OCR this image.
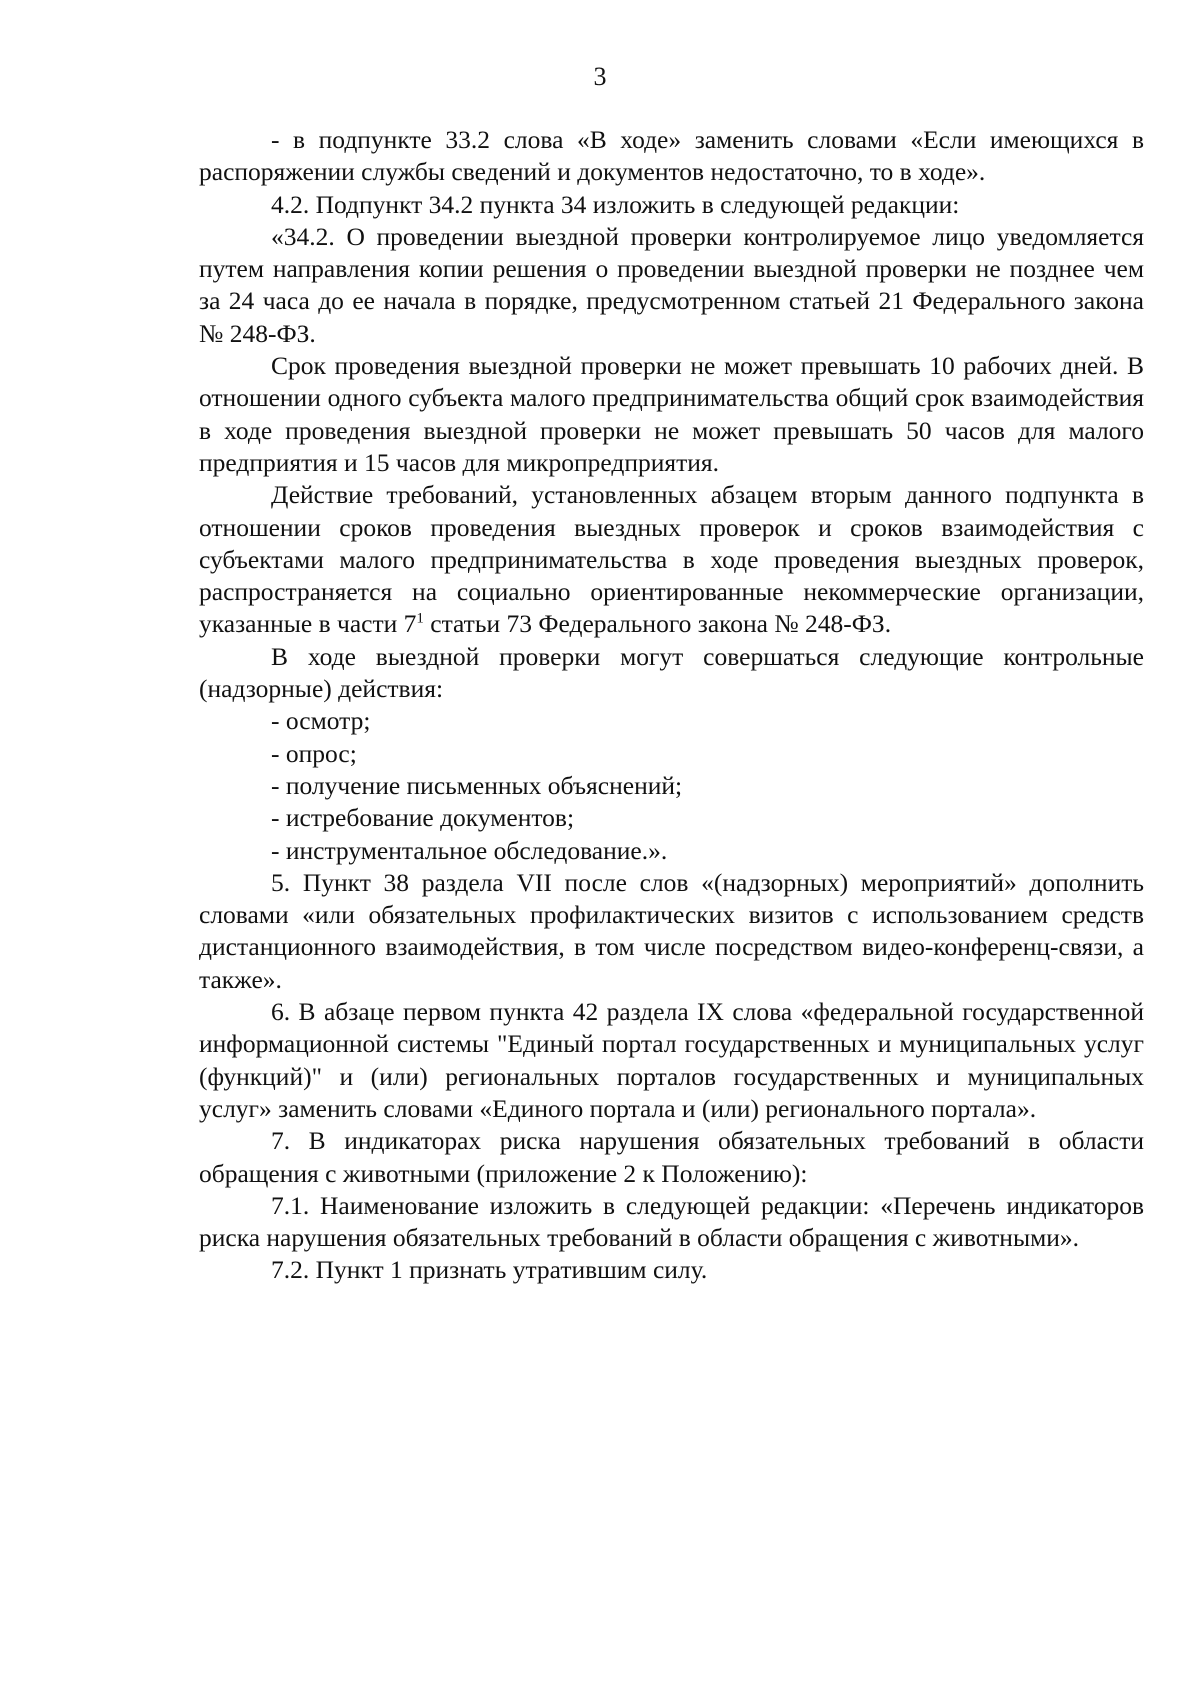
3

- в подпункте 33.2 слова «В ходе» заменить словами «Если имеющихся в распоряжении службы сведений и документов недостаточно, то в ходе».

4.2. Подпункт 34.2 пункта 34 изложить в следующей редакции:

«34.2. О проведении выездной проверки контролируемое лицо уведомляется путем направления копии решения о проведении выездной проверки не позднее чем за 24 часа до ее начала в порядке, предусмотренном статьей 21 Федерального закона № 248-ФЗ.

Срок проведения выездной проверки не может превышать 10 рабочих дней. В отношении одного субъекта малого предпринимательства общий срок взаимодействия в ходе проведения выездной проверки не может превышать 50 часов для малого предприятия и 15 часов для микропредприятия.

Действие требований, установленных абзацем вторым данного подпункта в отношении сроков проведения выездных проверок и сроков взаимодействия с субъектами малого предпринимательства в ходе проведения выездных проверок, распространяется на социально ориентированные некоммерческие организации, указанные в части $7^1$ статьи 73 Федерального закона № 248-ФЗ.

В ходе выездной проверки могут совершаться следующие контрольные (надзорные) действия:

- осмотр;

- опрос;

- получение письменных объяснений;

- истребование документов;

- инструментальное обследование.».

5. Пункт 38 раздела VII после слов «(надзорных) мероприятий» дополнить словами «или обязательных профилактических визитов с использованием средств дистанционного взаимодействия, в том числе посредством видео-конференц-связи, а также».

6. В абзаце первом пункта 42 раздела IX слова «федеральной государственной информационной системы "Единый портал государственных и муниципальных услуг (функций)" и (или) региональных порталов государственных и муниципальных услуг» заменить словами «Единого портала и (или) регионального портала».

7. В индикаторах риска нарушения обязательных требований в области обращения с животными (приложение 2 к Положению):

7.1. Наименование изложить в следующей редакции: «Перечень индикаторов риска нарушения обязательных требований в области обращения с животными».

7.2. Пункт 1 признать утратившим силу.
